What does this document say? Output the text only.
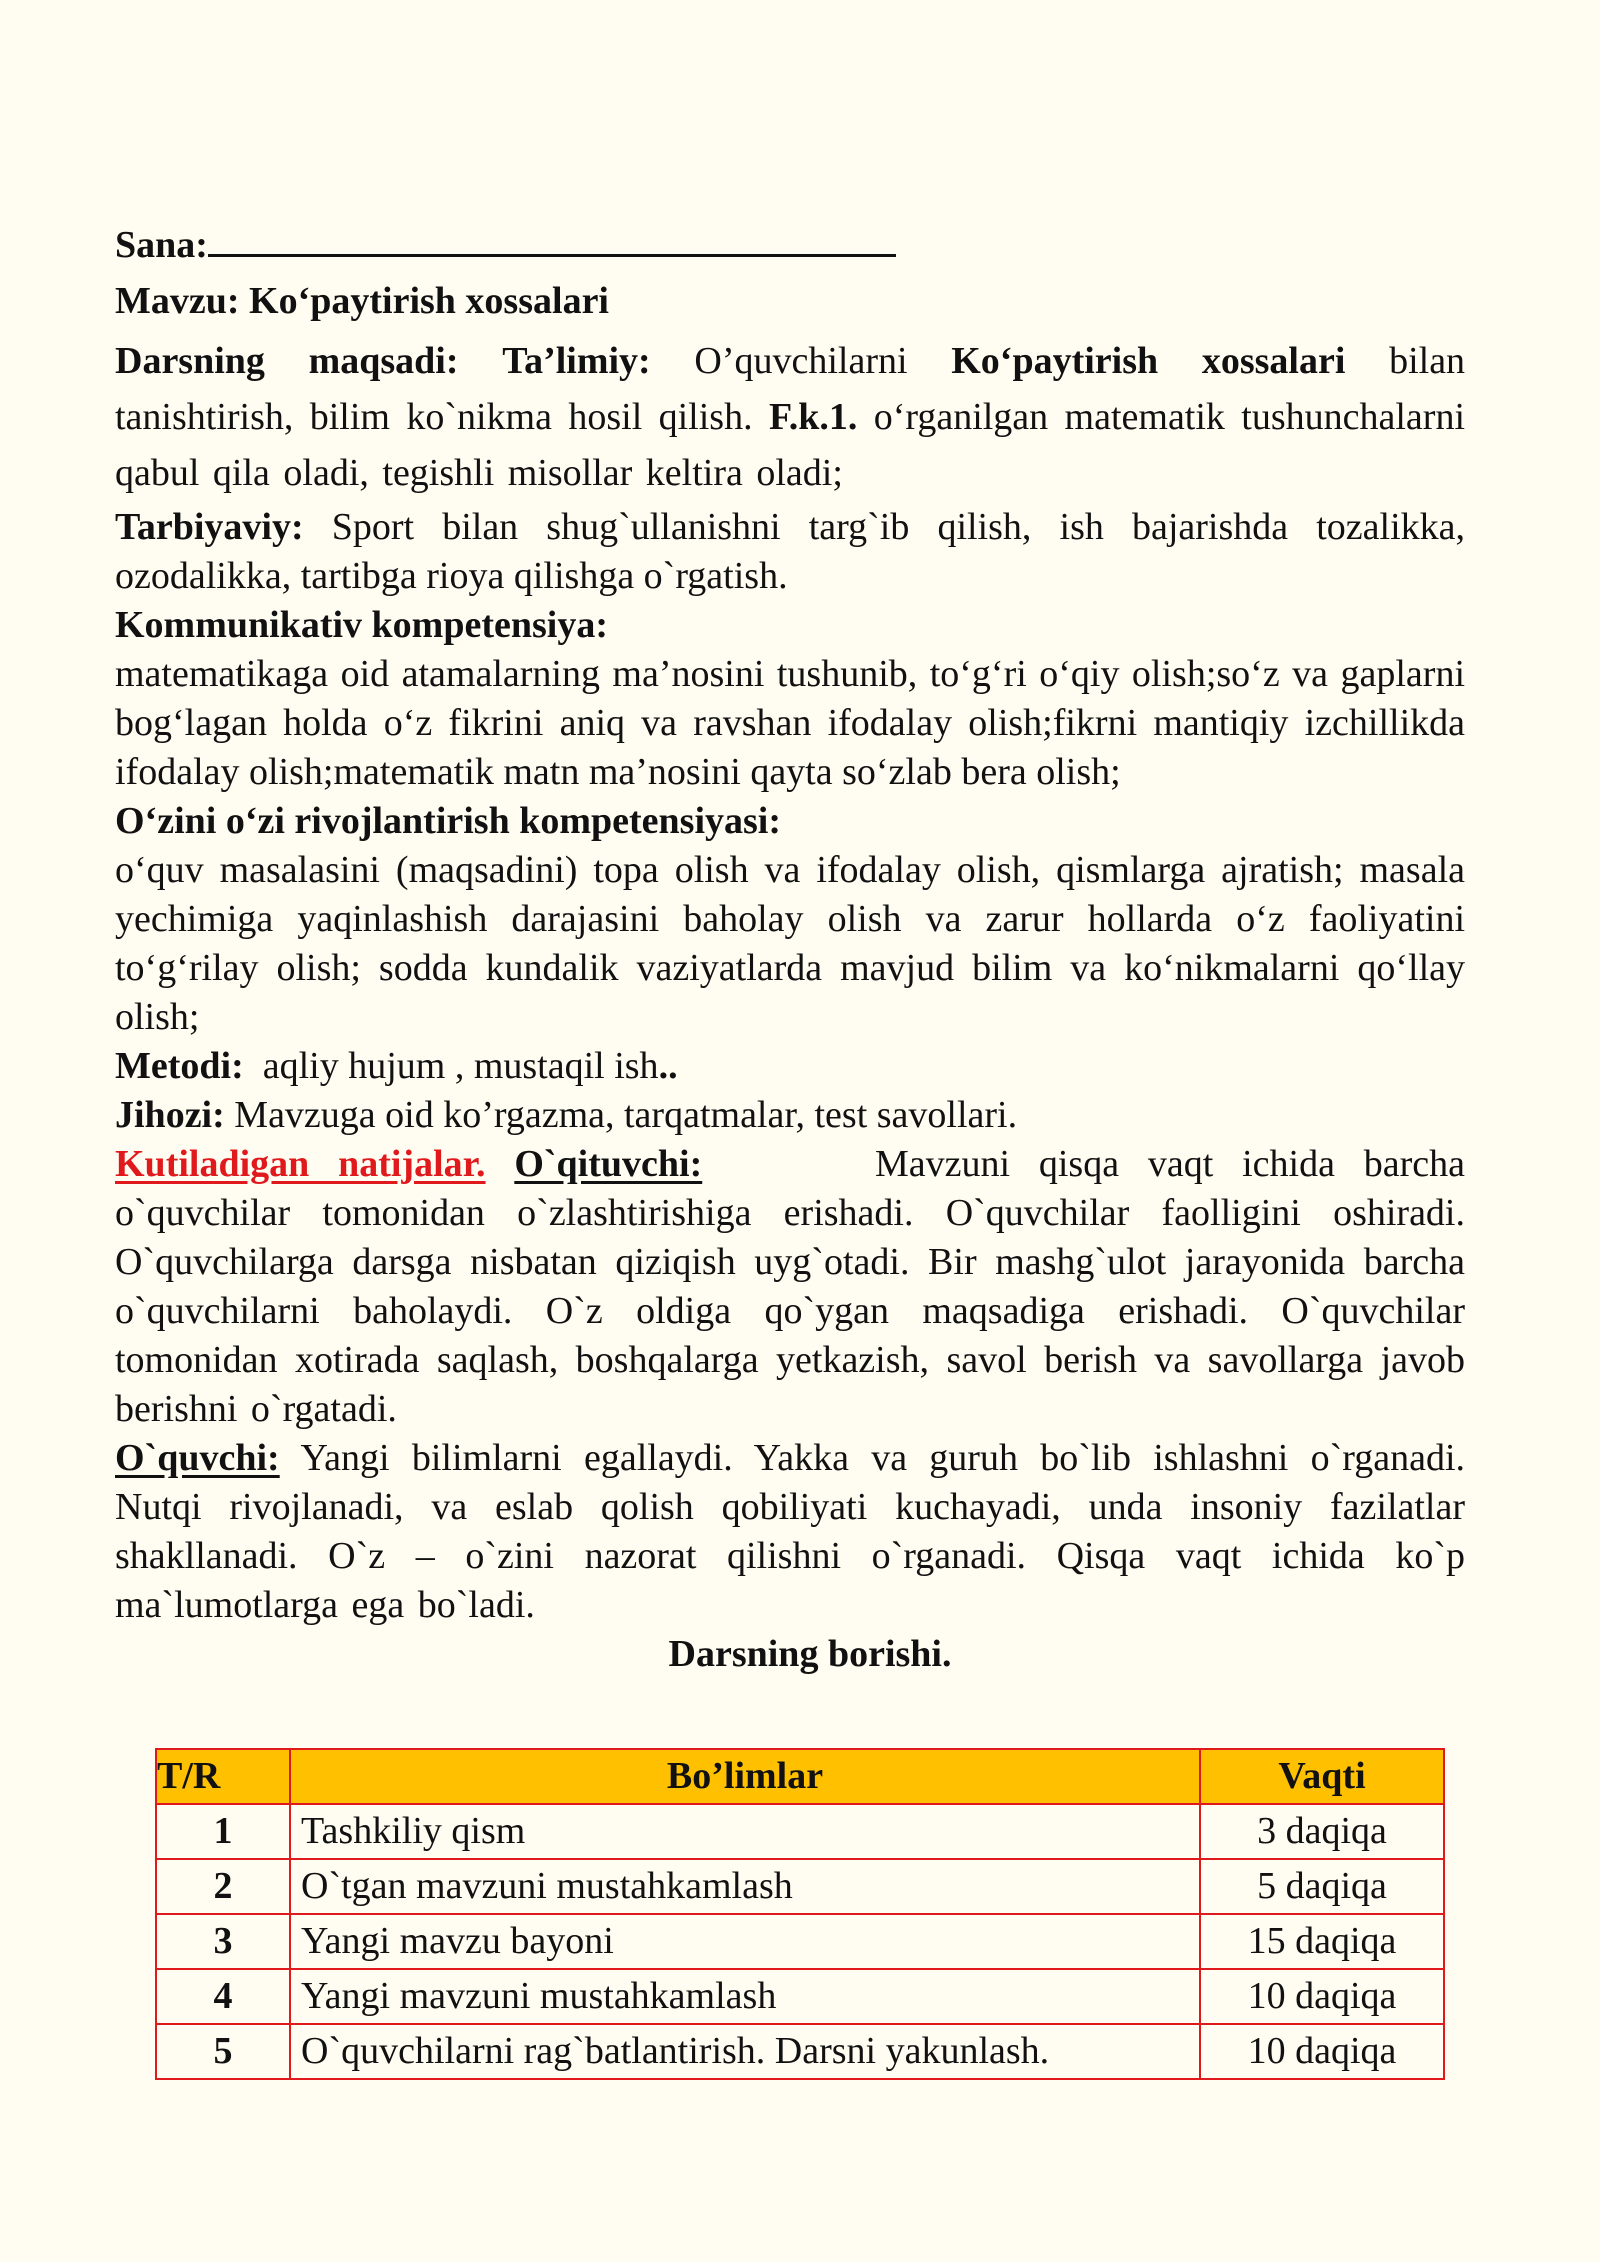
Sana:

Mavzu: Ko‘paytirish xossalari

Darsning maqsadi: Ta’limiy: O’quvchilarni Ko‘paytirish xossalari bilan tanishtirish, bilim ko`nikma hosil qilish. F.k.1. o‘rganilgan matematik tushunchalarni qabul qila oladi, tegishli misollar keltira oladi;

Tarbiyaviy: Sport bilan shug`ullanishni targ`ib qilish, ish bajarishda tozalikka, ozodalikka, tartibga rioya qilishga o`rgatish.

Kommunikativ kompetensiya:

matematikaga oid atamalarning ma’nosini tushunib, to‘g‘ri o‘qiy olish;so‘z va gaplarni bog‘lagan holda o‘z fikrini aniq va ravshan ifodalay olish;fikrni mantiqiy izchillikda ifodalay olish;matematik matn ma’nosini qayta so‘zlab bera olish;

O‘zini o‘zi rivojlantirish kompetensiyasi:

o‘quv masalasini (maqsadini) topa olish va ifodalay olish, qismlarga ajratish; masala yechimiga yaqinlashish darajasini baholay olish va zarur hollarda o‘z faoliyatini to‘g‘rilay olish; sodda kundalik vaziyatlarda mavjud bilim va ko‘nikmalarni qo‘llay olish;

Metodi: aqliy hujum , mustaqil ish..

Jihozi: Mavzuga oid ko’rgazma, tarqatmalar, test savollari.

Kutiladigan natijalar. O`qituvchi:	Mavzuni qisqa vaqt ichida barcha o`quvchilar tomonidan o`zlashtirishiga erishadi. O`quvchilar faolligini oshiradi. O`quvchilarga darsga nisbatan qiziqish uyg`otadi. Bir mashg`ulot jarayonida barcha o`quvchilarni baholaydi. O`z oldiga qo`ygan maqsadiga erishadi. O`quvchilar tomonidan xotirada saqlash, boshqalarga yetkazish, savol berish va savollarga javob berishni o`rgatadi.

O`quvchi: Yangi bilimlarni egallaydi. Yakka va guruh bo`lib ishlashni o`rganadi. Nutqi rivojlanadi, va eslab qolish qobiliyati kuchayadi, unda insoniy fazilatlar shakllanadi. O`z – o`zini nazorat qilishni o`rganadi. Qisqa vaqt ichida ko`p ma`lumotlarga ega bo`ladi.

Darsning borishi.

T/R	Bo’limlar	Vaqti
1	Tashkiliy qism	3 daqiqa
2	O`tgan mavzuni mustahkamlash	5 daqiqa
3	Yangi mavzu bayoni	15 daqiqa
4	Yangi mavzuni mustahkamlash	10 daqiqa
5	O`quvchilarni rag`batlantirish. Darsni yakunlash.	10 daqiqa
